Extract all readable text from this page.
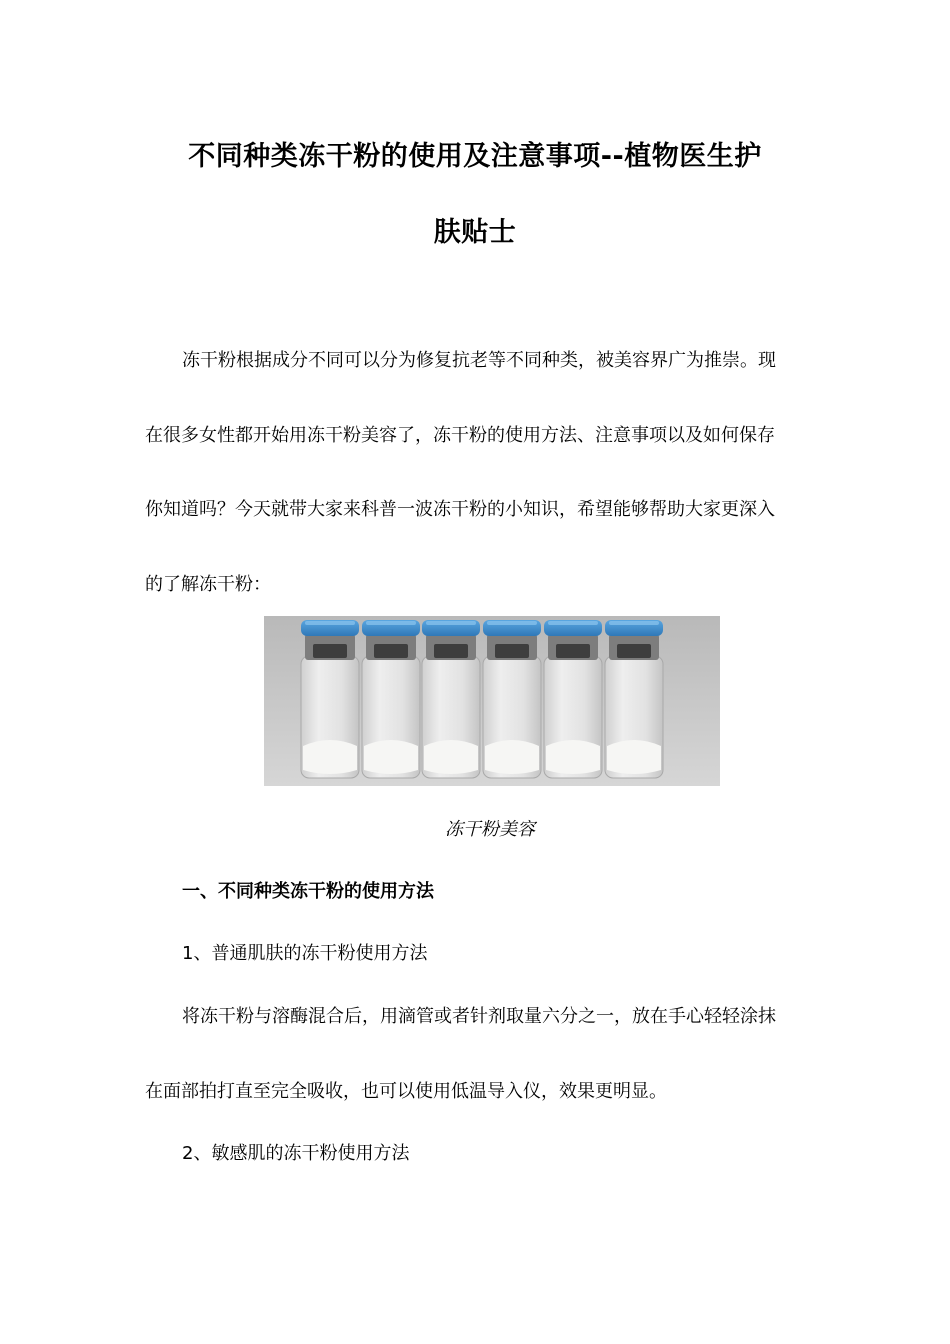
不同种类冻干粉的使用及注意事项--植物医生护
肤贴士
冻干粉根据成分不同可以分为修复抗老等不同种类，被美容界广为推崇。现
在很多女性都开始用冻干粉美容了，冻干粉的使用方法、注意事项以及如何保存
你知道吗？今天就带大家来科普一波冻干粉的小知识，希望能够帮助大家更深入
的了解冻干粉：
冻干粉美容
一、不同种类冻干粉的使用方法
1、普通肌肤的冻干粉使用方法
将冻干粉与溶酶混合后，用滴管或者针剂取量六分之一，放在手心轻轻涂抹
在面部拍打直至完全吸收，也可以使用低温导入仪，效果更明显。
2、敏感肌的冻干粉使用方法
